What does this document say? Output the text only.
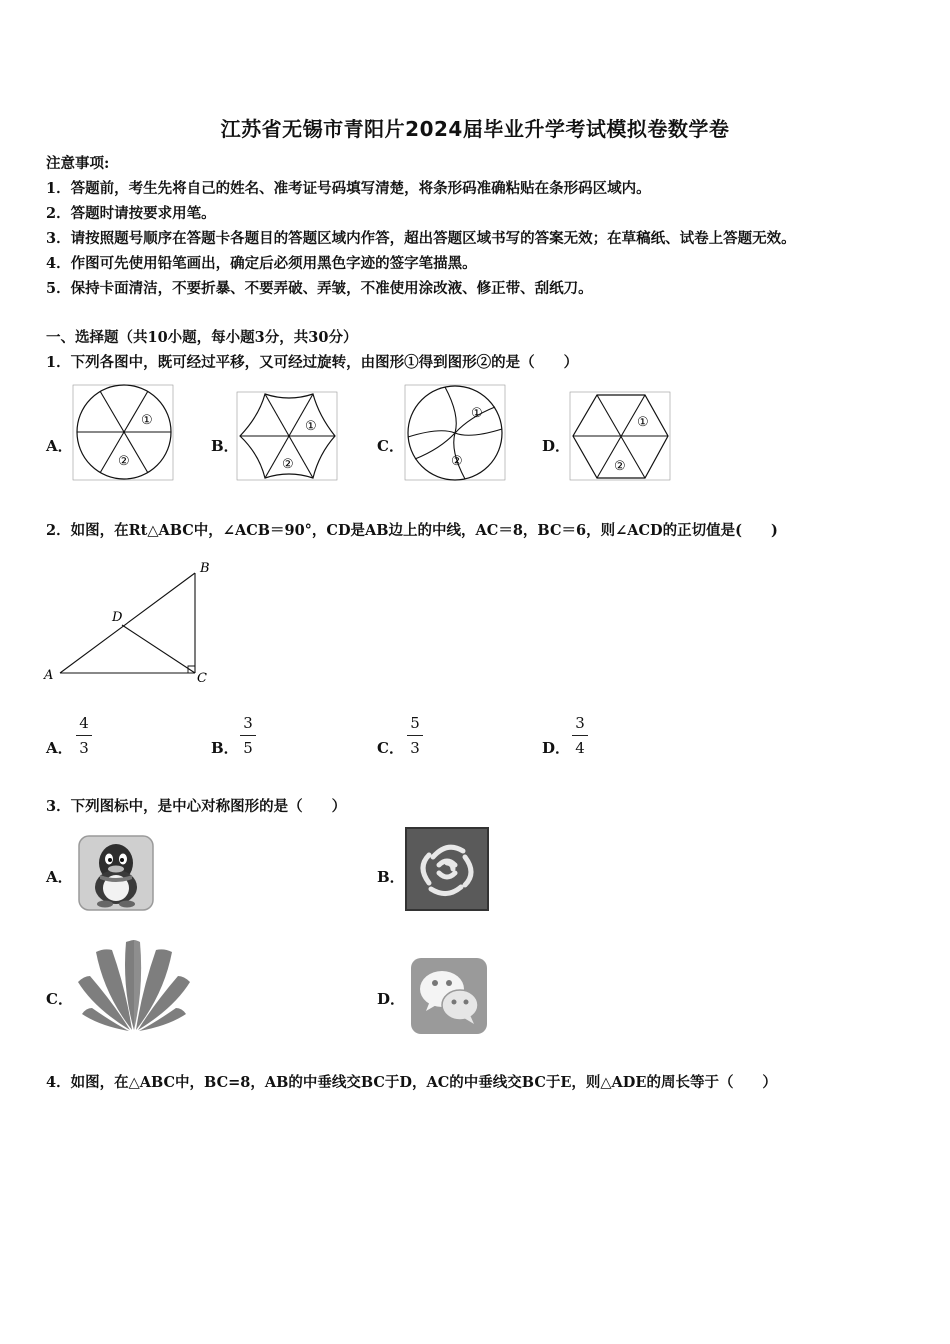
江苏省无锡市青阳片2024届毕业升学考试模拟卷数学卷
注意事项:
1．答题前，考生先将自己的姓名、准考证号码填写清楚，将条形码准确粘贴在条形码区域内。
2．答题时请按要求用笔。
3．请按照题号顺序在答题卡各题目的答题区域内作答，超出答题区域书写的答案无效；在草稿纸、试卷上答题无效。
4．作图可先使用铅笔画出，确定后必须用黑色字迹的签字笔描黑。
5．保持卡面清洁，不要折暴、不要弄破、弄皱，不准使用涂改液、修正带、刮纸刀。
一、选择题（共10小题，每小题3分，共30分）
1．下列各图中，既可经过平移，又可经过旋转，由图形①得到图形②的是（　　）
A．
①
②
B．
①
②
C．
①
②
D．
①
②
2．如图，在Rt△ABC中，∠ACB＝90°，CD是AB边上的中线，AC＝8，BC＝6，则∠ACD的正切值是(　　)
A
B
C
D
A．
4
3	B．
3
5	C．
5
3	D．
3
4
3．下列图标中，是中心对称图形的是（　　）
A．	B．
C．	D．
4．如图，在△ABC中，BC=8，AB的中垂线交BC于D，AC的中垂线交BC于E，则△ADE的周长等于（　　）
